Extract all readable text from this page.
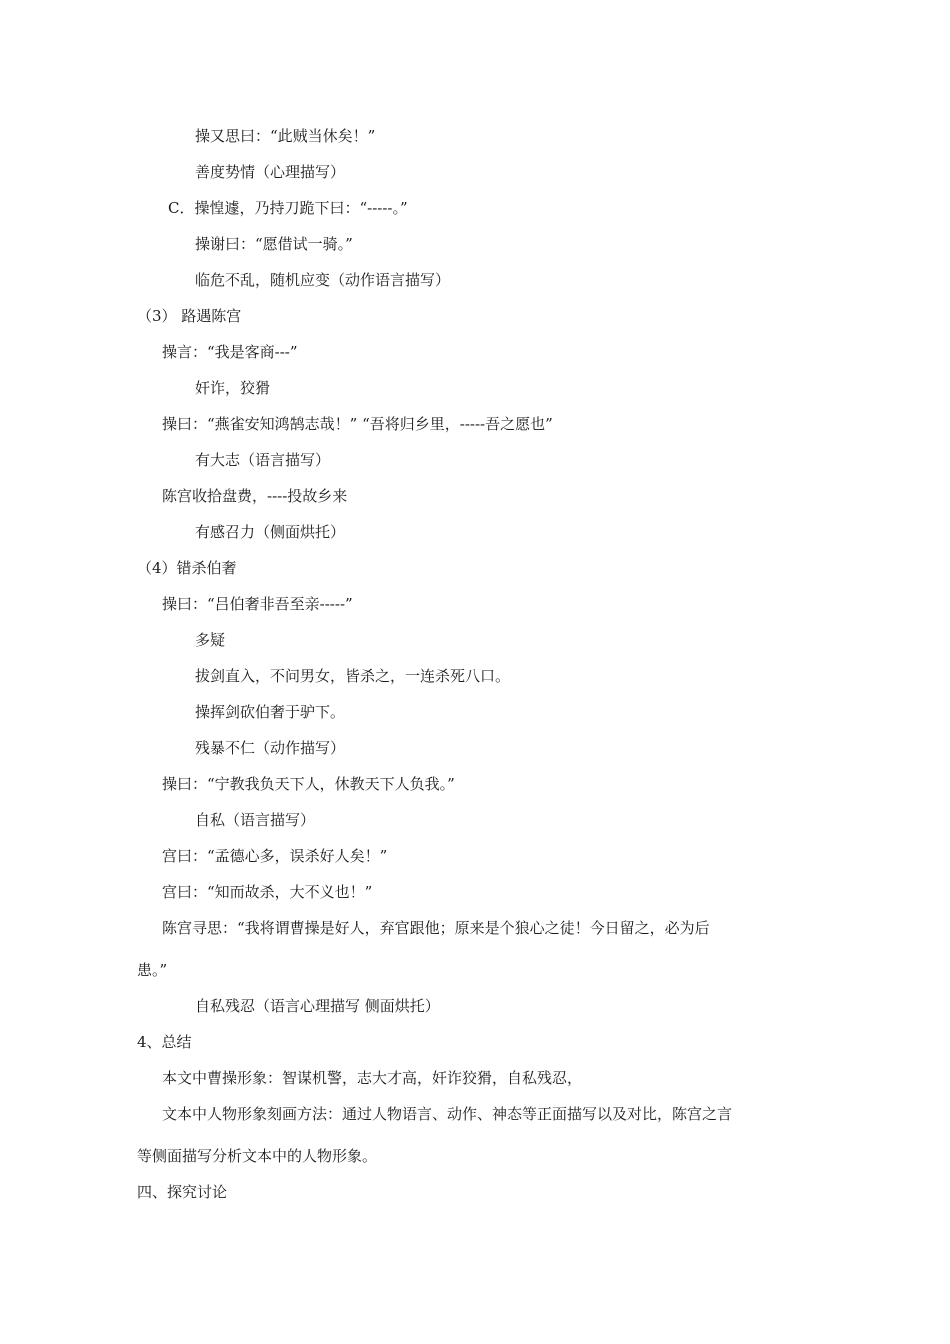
操又思曰：“此贼当休矣！”
善度势情（心理描写）
C．操惶遽，乃持刀跪下曰：“-----。”
操谢曰：“愿借试一骑。”
临危不乱，随机应变（动作语言描写）
（3） 路遇陈宫
操言：“我是客商---”
奸诈，狡猾
操曰：“燕雀安知鸿鹄志哉！” “吾将归乡里，-----吾之愿也”
有大志（语言描写）
陈宫收拾盘费，----投故乡来
有感召力（侧面烘托）
（4）错杀伯奢
操曰：“吕伯奢非吾至亲-----”
多疑
拔剑直入，不问男女，皆杀之，一连杀死八口。
操挥剑砍伯奢于驴下。
残暴不仁（动作描写）
操曰：“宁教我负天下人，休教天下人负我。”
自私（语言描写）
宫曰：“孟德心多，误杀好人矣！”
宫曰：“知而故杀，大不义也！”
陈宫寻思：“我将谓曹操是好人，弃官跟他；原来是个狼心之徒！今日留之，必为后
患。”
自私残忍（语言心理描写 侧面烘托）
4、总结
本文中曹操形象：智谋机警，志大才高，奸诈狡猾，自私残忍，
文本中人物形象刻画方法：通过人物语言、动作、神态等正面描写以及对比，陈宫之言
等侧面描写分析文本中的人物形象。
四、探究讨论
